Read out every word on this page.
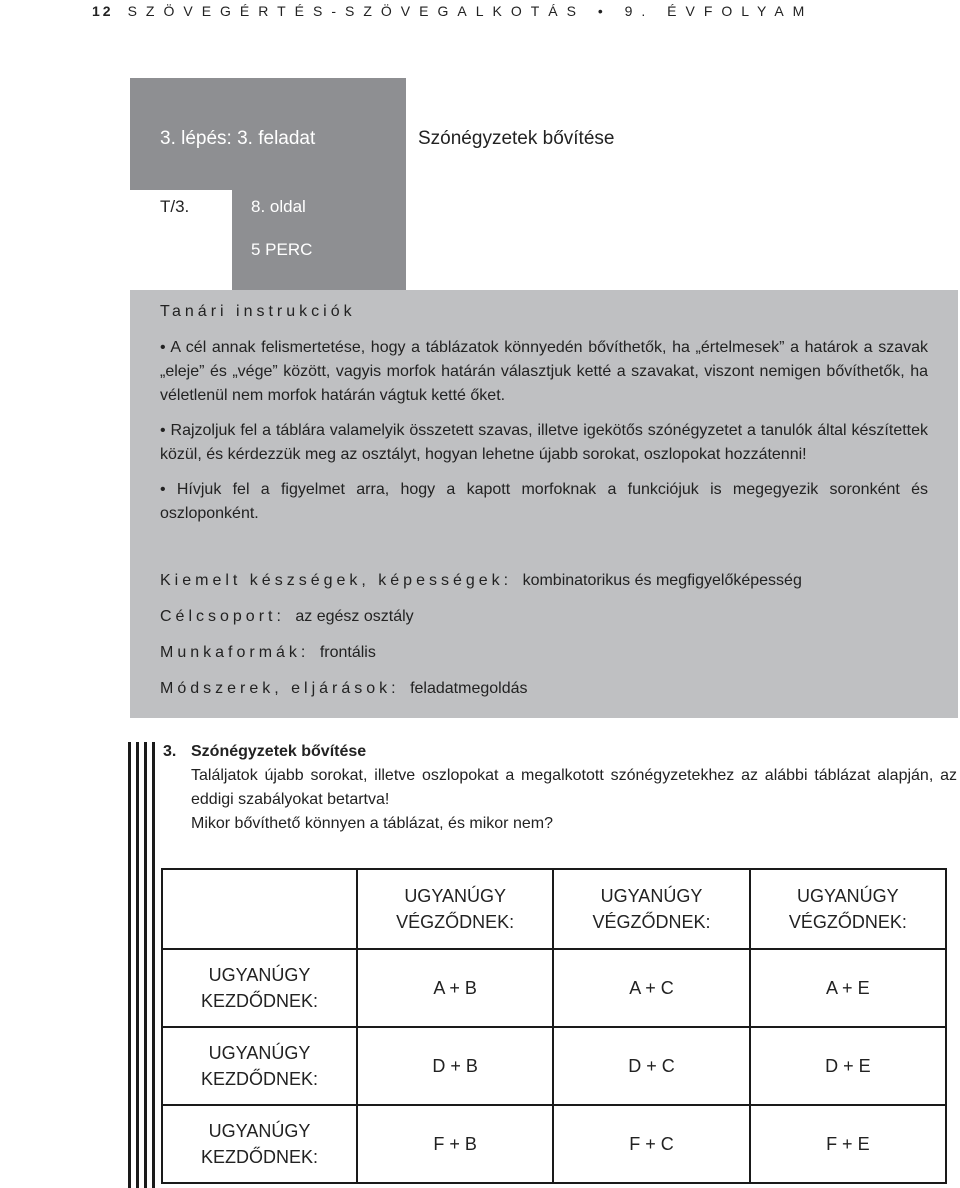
12 SZÖVEGÉRTÉS-SZÖVEGALKOTÁS • 9. ÉVFOLYAM
3. lépés: 3. feladat	Szónégyzetek bővítése
T/3.	8. oldal
5 PERC
Tanári instrukciók

• A cél annak felismertetése, hogy a táblázatok könnyedén bővíthetők, ha „értelmesek” a határok a szavak „eleje” és „vége” között, vagyis morfok határán választjuk ketté a szavakat, viszont nemigen bővíthetők, ha véletlenül nem morfok határán vágtuk ketté őket.

• Rajzoljuk fel a táblára valamelyik összetett szavas, illetve igekötős szónégyzetet a tanulók által készítettek közül, és kérdezzük meg az osztályt, hogyan lehetne újabb sorokat, oszlopokat hozzátenni!

• Hívjuk fel a figyelmet arra, hogy a kapott morfoknak a funkciójuk is megegyezik soronként és oszloponként.

Kiemelt készségek, képességek: kombinatorikus és megfigyelőképesség
Célcsoport: az egész osztály
Munkaformák: frontális
Módszerek, eljárások: feladatmegoldás
3. Szónégyzetek bővítése
Találjatok újabb sorokat, illetve oszlopokat a megalkotott szónégyzetekhez az alábbi táblázat alapján, az eddigi szabályokat betartva!
Mikor bővíthető könnyen a táblázat, és mikor nem?

	UGYANÚGY
VÉGZŐDNEK:	UGYANÚGY
VÉGZŐDNEK:	UGYANÚGY
VÉGZŐDNEK:

UGYANÚGY
KEZDŐDNEK:	A + B	A + C	A + E

UGYANÚGY
KEZDŐDNEK:	D + B	D + C	D + E

UGYANÚGY
KEZDŐDNEK:	F + B	F + C	F + E
